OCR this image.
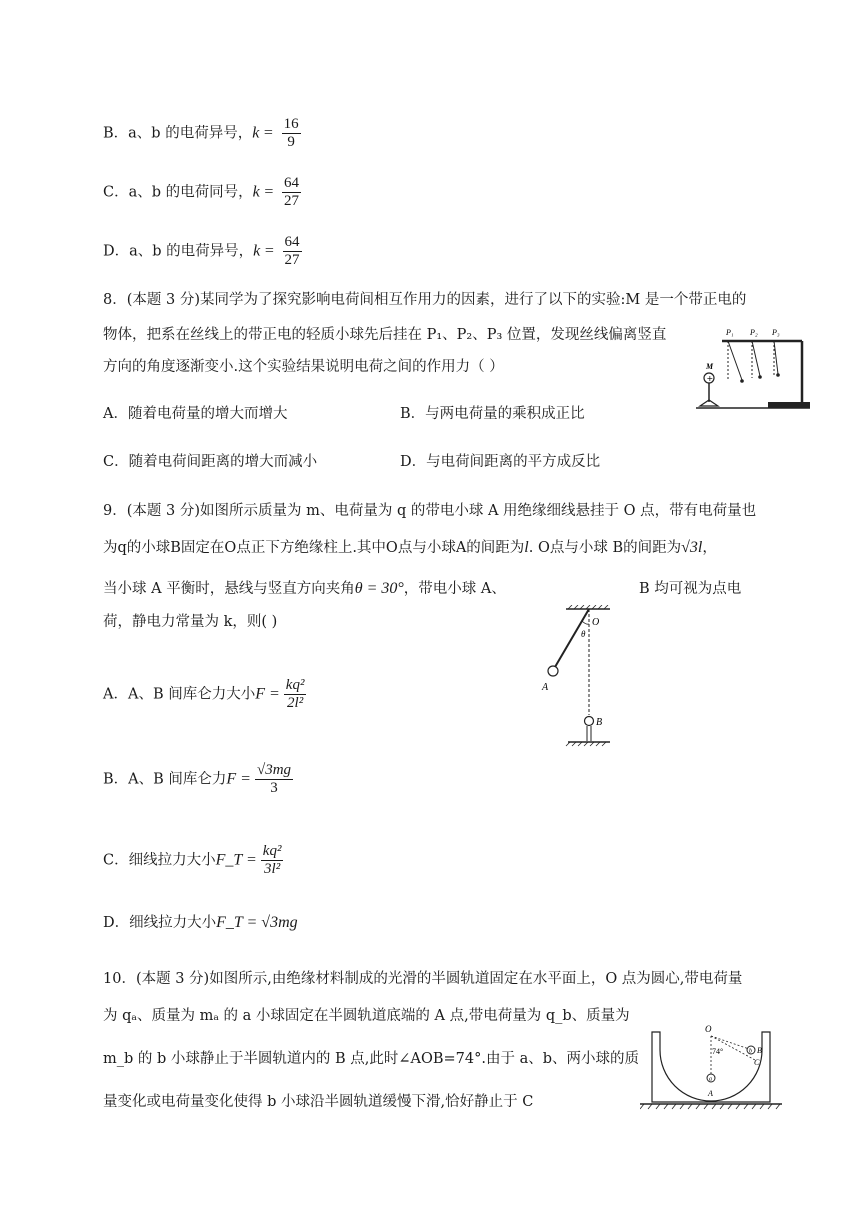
B．a、b 的电荷异号，$k = \frac{16}{9}$
C．a、b 的电荷同号，$k = \frac{64}{27}$
D．a、b 的电荷异号，$k = \frac{64}{27}$
8．(本题 3 分)某同学为了探究影响电荷间相互作用力的因素，进行了以下的实验:M 是一个带正电的
物体，把系在丝线上的带正电的轻质小球先后挂在 P₁、P₂、P₃ 位置，发现丝线偏离竖直
方向的角度逐渐变小.这个实验结果说明电荷之间的作用力（ ）
A．随着电荷量的增大而增大	B．与两电荷量的乘积成正比
C．随着电荷间距离的增大而减小	D．与电荷间距离的平方成反比
P₁ P₂ P₃
M
+
9．(本题 3 分)如图所示质量为 m、电荷量为 q 的带电小球 A 用绝缘细线悬挂于 O 点，带有电荷量也
为q的小球B固定在O点正下方绝缘柱上.其中O点与小球A的间距为l. O点与小球 B的间距为√3l，
当小球 A 平衡时，悬线与竖直方向夹角θ = 30°，带电小球 A、	B 均可视为点电
荷，静电力常量为 k，则( )
A．A、B 间库仑力大小$F = \frac{\text{kq²}}{\text{2l²}}$
B．A、B 间库仑力$F = \frac{√3mg}{3}$
C．细线拉力大小F_T = $\frac{\text{kq²}}{\text{3l²}}$
D．细线拉力大小F_T = √3mg
O
θ
A
B
10．(本题 3 分)如图所示,由绝缘材料制成的光滑的半圆轨道固定在水平面上，O 点为圆心,带电荷量
为 qₐ、质量为 mₐ 的 a 小球固定在半圆轨道底端的 A 点,带电荷量为 q_b、质量为
m_b 的 b 小球静止于半圆轨道内的 B 点,此时∠AOB=74°.由于 a、b、两小球的质
量变化或电荷量变化使得 b 小球沿半圆轨道缓慢下滑,恰好静止于 C
O
74°	b B
C
a
A
